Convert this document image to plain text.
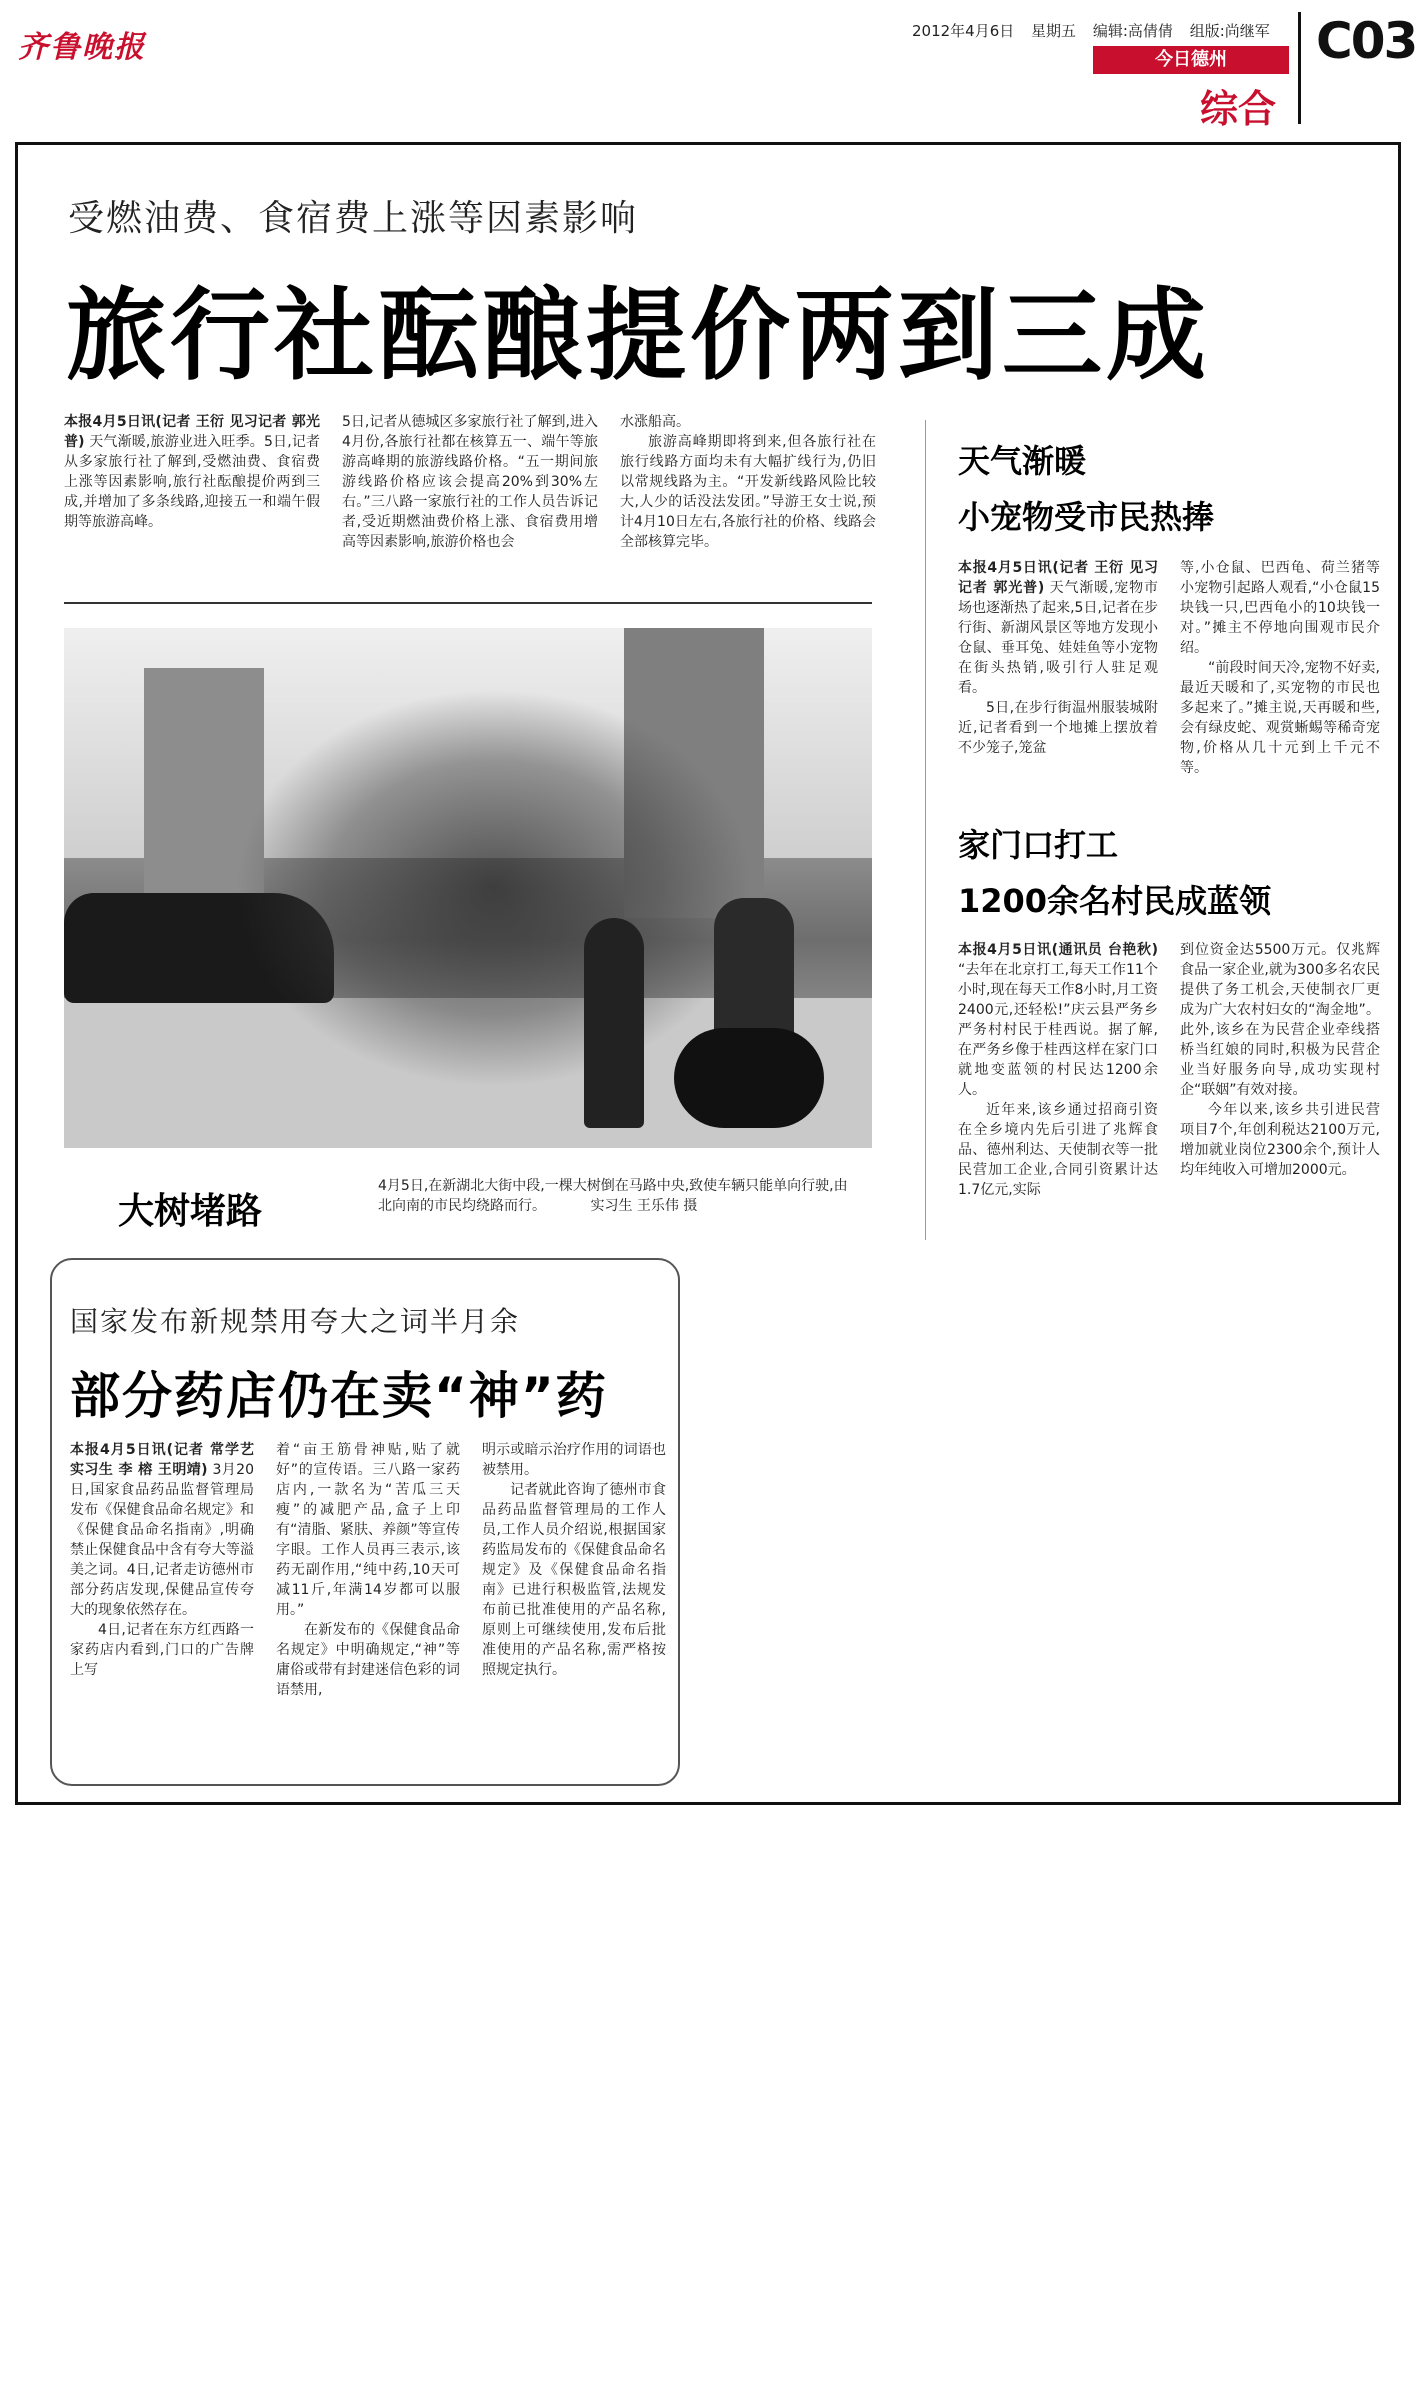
齐鲁晚报	2012年4月6日 星期五 编辑:高倩倩 组版:尚继军 C03
今日德州
综合
受燃油费、食宿费上涨等因素影响
旅行社酝酿提价两到三成
本报4月5日讯(记者 王衍 见习记者 郭光普) 天气渐暖,旅游业进入旺季。5日,记者从多家旅行社了解到,受燃油费、食宿费上涨等因素影响,旅行社酝酿提价两到三成,并增加了多条线路,迎接五一和端午假期等旅游高峰。
5日,记者从德城区多家旅行社了解到,进入4月份,各旅行社都在核算五一、端午等旅游高峰期的旅游线路价格。“五一期间旅游线路价格应该会提高20%到30%左右。”三八路一家旅行社的工作人员告诉记者,受近期燃油费价格上涨、食宿费用增高等因素影响,旅游价格也会
水涨船高。
旅游高峰期即将到来,但各旅行社在旅行线路方面均未有大幅扩线行为,仍旧以常规线路为主。“开发新线路风险比较大,人少的话没法发团。”导游王女士说,预计4月10日左右,各旅行社的价格、线路会全部核算完毕。
大树堵路
4月5日,在新湖北大街中段,一棵大树倒在马路中央,致使车辆只能单向行驶,由北向南的市民均绕路而行。	实习生 王乐伟 摄
天气渐暖
小宠物受市民热捧
本报4月5日讯(记者 王衍 见习记者 郭光普) 天气渐暖,宠物市场也逐渐热了起来,5日,记者在步行街、新湖风景区等地方发现小仓鼠、垂耳兔、娃娃鱼等小宠物在街头热销,吸引行人驻足观看。
5日,在步行街温州服装城附近,记者看到一个地摊上摆放着不少笼子,笼盆
等,小仓鼠、巴西龟、荷兰猪等小宠物引起路人观看,“小仓鼠15块钱一只,巴西龟小的10块钱一对。”摊主不停地向围观市民介绍。
“前段时间天冷,宠物不好卖,最近天暖和了,买宠物的市民也多起来了。”摊主说,天再暖和些,会有绿皮蛇、观赏蜥蜴等稀奇宠物,价格从几十元到上千元不等。
家门口打工
1200余名村民成蓝领
本报4月5日讯(通讯员 台艳秋) “去年在北京打工,每天工作11个小时,现在每天工作8小时,月工资2400元,还轻松!”庆云县严务乡严务村村民于桂西说。据了解,在严务乡像于桂西这样在家门口就地变蓝领的村民达1200余人。
近年来,该乡通过招商引资在全乡境内先后引进了兆辉食品、德州利达、天使制衣等一批民营加工企业,合同引资累计达1.7亿元,实际
到位资金达5500万元。仅兆辉食品一家企业,就为300多名农民提供了务工机会,天使制衣厂更成为广大农村妇女的“淘金地”。此外,该乡在为民营企业牵线搭桥当红娘的同时,积极为民营企业当好服务向导,成功实现村企“联姻”有效对接。
今年以来,该乡共引进民营项目7个,年创利税达2100万元,增加就业岗位2300余个,预计人均年纯收入可增加2000元。
国家发布新规禁用夸大之词半月余
部分药店仍在卖“神”药
本报4月5日讯(记者 常学艺 实习生 李 榕 王明靖) 3月20日,国家食品药品监督管理局发布《保健食品命名规定》和《保健食品命名指南》,明确禁止保健食品中含有夸大等溢美之词。4日,记者走访德州市部分药店发现,保健品宣传夸大的现象依然存在。
4日,记者在东方红西路一家药店内看到,门口的广告牌上写
着“亩王筋骨神贴,贴了就好”的宣传语。三八路一家药店内,一款名为“苦瓜三天瘦”的减肥产品,盒子上印有“清脂、紧肤、养颜”等宣传字眼。工作人员再三表示,该药无副作用,“纯中药,10天可减11斤,年满14岁都可以服用。”
在新发布的《保健食品命名规定》中明确规定,“神”等庸俗或带有封建迷信色彩的词语禁用,
明示或暗示治疗作用的词语也被禁用。
记者就此咨询了德州市食品药品监督管理局的工作人员,工作人员介绍说,根据国家药监局发布的《保健食品命名规定》及《保健食品命名指南》已进行积极监管,法规发布前已批准使用的产品名称,原则上可继续使用,发布后批准使用的产品名称,需严格按照规定执行。
